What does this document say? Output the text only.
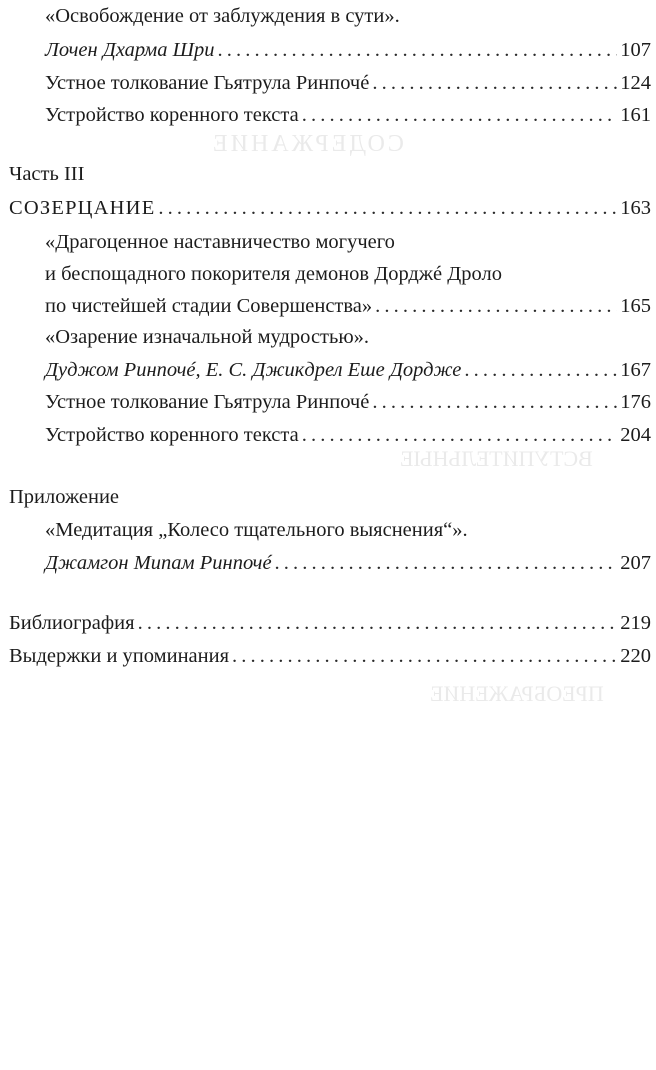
СОДЕРЖАНИЕ
ВСТУПИТЕЛЬНЫЕ
ПРЕОБРАЖЕНИЕ
«Освобождение от заблуждения в сути».
Лочен Дхарма Шри . . .	107
Устное толкование Гьятрула Ринпочé . . .	124
Устройство коренного текста . . .	161
Часть III
СОЗЕРЦАНИЕ . . .	163
«Драгоценное наставничество могучего
и беспощадного покорителя демонов Дорджé Дроло
по чистейшей стадии Совершенства» . . .	165
«Озарение изначальной мудростью».
Дуджом Ринпочé, Е. С. Джикдрел Еше Дордже . . .	167
Устное толкование Гьятрула Ринпочé . . .	176
Устройство коренного текста . . .	204
Приложение
«Медитация „Колесо тщательного выяснения“».
Джамгон Мипам Ринпочé . . .	207
Библиография . . .	219
Выдержки и упоминания . . .	220
